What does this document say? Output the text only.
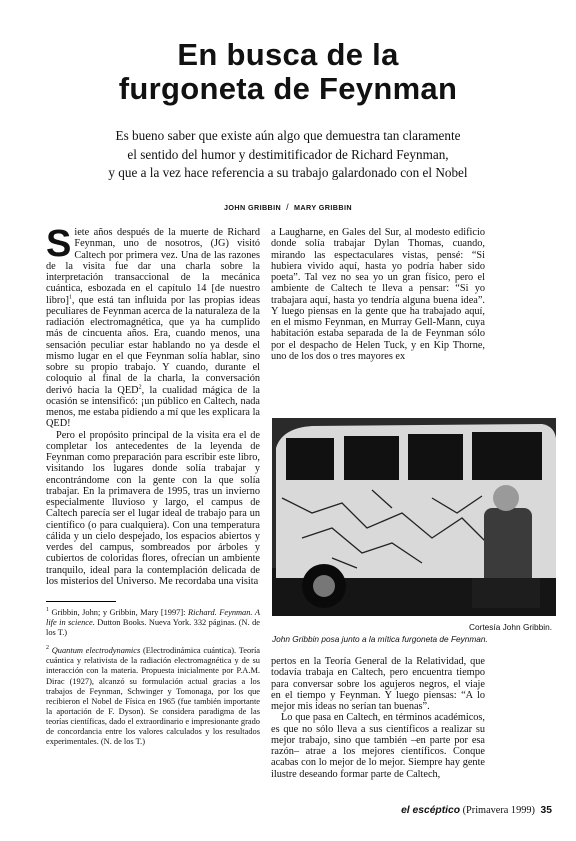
En busca de la
furgoneta de Feynman
Es bueno saber que existe aún algo que demuestra tan claramente
el sentido del humor y destimitificador de Richard Feynman,
y que a la vez hace referencia a su trabajo galardonado con el Nobel
JOHN GRIBBIN / MARY GRIBBIN

Siete años después de la muerte de Richard Feynman, uno de nosotros, (JG) visitó Caltech por primera vez. Una de las razones de la visita fue dar una charla sobre la interpretación transaccional de la mecánica cuántica, esbozada en el capítulo 14 [de nuestro libro]$^1$, que está tan influida por las propias ideas peculiares de Feynman acerca de la naturaleza de la radiación electromagnética, que ya ha cumplido más de cincuenta años. Era, cuando menos, una sensación peculiar estar hablando no ya desde el mismo lugar en el que Feynman solía hablar, sino sobre su propio trabajo. Y cuando, durante el coloquio al final de la charla, la conversación derivó hacia la QED$^2$, la cualidad mágica de la ocasión se intensificó: ¡un público en Caltech, nada menos, me estaba pidiendo a mí que les explicara la QED!

Pero el propósito principal de la visita era el de completar los antecedentes de la leyenda de Feynman como preparación para escribir este libro, visitando los lugares donde solía trabajar y encontrándome con la gente con la que solía trabajar. En la primavera de 1995, tras un invierno especialmente lluvioso y largo, el campus de Caltech parecía ser el lugar ideal de trabajo para un científico (o para cualquiera). Con una temperatura cálida y un cielo despejado, los espacios abiertos y verdes del campus, sombreados por árboles y cubiertos de coloridas flores, ofrecían un ambiente tranquilo, ideal para la contemplación delicada de los misterios del Universo. Me recordaba una visita

a Laugharne, en Gales del Sur, al modesto edificio donde solía trabajar Dylan Thomas, cuando, mirando las espectaculares vistas, pensé: “Si hubiera vivido aquí, hasta yo podría haber sido poeta”. Tal vez no sea yo un gran físico, pero el ambiente de Caltech te lleva a pensar: “Si yo trabajara aquí, hasta yo tendría alguna buena idea”. Y luego piensas en la gente que ha trabajado aquí, en el mismo Feynman, en Murray Gell-Mann, cuya habitación estaba separada de la de Feynman sólo por el despacho de Helen Tuck, y en Kip Thorne, uno de los dos o tres mayores ex

Cortesía John Gribbin.
John Gribbin posa junto a la mítica furgoneta de Feynman.

pertos en la Teoría General de la Relatividad, que todavía trabaja en Caltech, pero encuentra tiempo para conversar sobre los agujeros negros, el viaje en el tiempo y Feynman. Y luego piensas: “A lo mejor mis ideas no serían tan buenas”.

Lo que pasa en Caltech, en términos académicos, es que no sólo lleva a sus científicos a realizar su mejor trabajo, sino que también –en parte por esa razón– atrae a los mejores científicos. Conque acabas con lo mejor de lo mejor. Siempre hay gente ilustre deseando formar parte de Caltech,

$^1$ Gribbin, John; y Gribbin, Mary [1997]: Richard. Feynman. A life in science. Dutton Books. Nueva York. 332 páginas. (N. de los T.)

$^2$ Quantum electrodynamics (Electrodinámica cuántica). Teoría cuántica y relativista de la radiación electromagnética y de su interacción con la materia. Propuesta inicialmente por P.A.M. Dirac (1927), alcanzó su formulación actual gracias a los trabajos de Feynman, Schwinger y Tomonaga, por los que recibieron el Nobel de Física en 1965 (fue también importante la aportación de F. Dyson). Se considera paradigma de las teorías científicas, dado el extraordinario e impresionante grado de concordancia entre los valores calculados y los resultados experimentales. (N. de los T.)

el escéptico (Primavera 1999) 35
